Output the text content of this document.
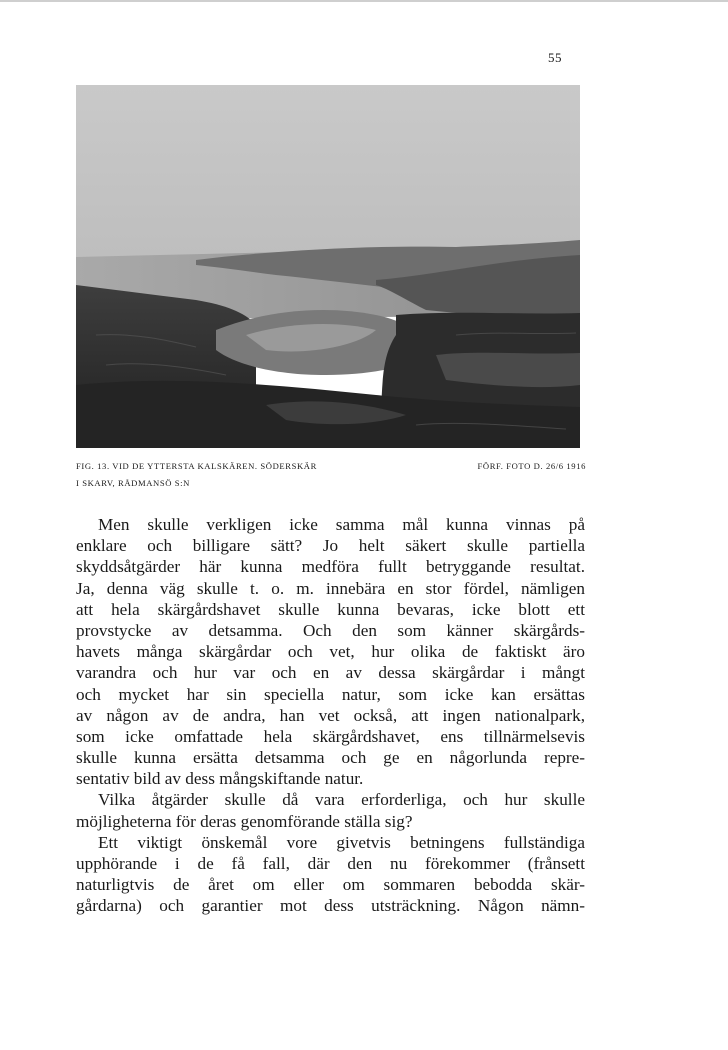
55
FIG. 13. VID DE YTTERSTA KALSKÄREN. SÖDERSKÄR	FÖRF. FOTO D. 26/6 1916
I SKARV, RÅDMANSÖ S:N
Men skulle verkligen icke samma mål kunna vinnas på
enklare och billigare sätt? Jo helt säkert skulle partiella
skyddsåtgärder här kunna medföra fullt betryggande resultat.
Ja, denna väg skulle t. o. m. innebära en stor fördel, nämligen
att hela skärgårdshavet skulle kunna bevaras, icke blott ett
provstycke av detsamma. Och den som känner skärgårds-
havets många skärgårdar och vet, hur olika de faktiskt äro
varandra och hur var och en av dessa skärgårdar i mångt
och mycket har sin speciella natur, som icke kan ersättas
av någon av de andra, han vet också, att ingen nationalpark,
som icke omfattade hela skärgårdshavet, ens tillnärmelsevis
skulle kunna ersätta detsamma och ge en någorlunda repre-
sentativ bild av dess mångskiftande natur.
Vilka åtgärder skulle då vara erforderliga, och hur skulle
möjligheterna för deras genomförande ställa sig?
Ett viktigt önskemål vore givetvis betningens fullständiga
upphörande i de få fall, där den nu förekommer (frånsett
naturligtvis de året om eller om sommaren bebodda skär-
gårdarna) och garantier mot dess utsträckning. Någon nämn-
